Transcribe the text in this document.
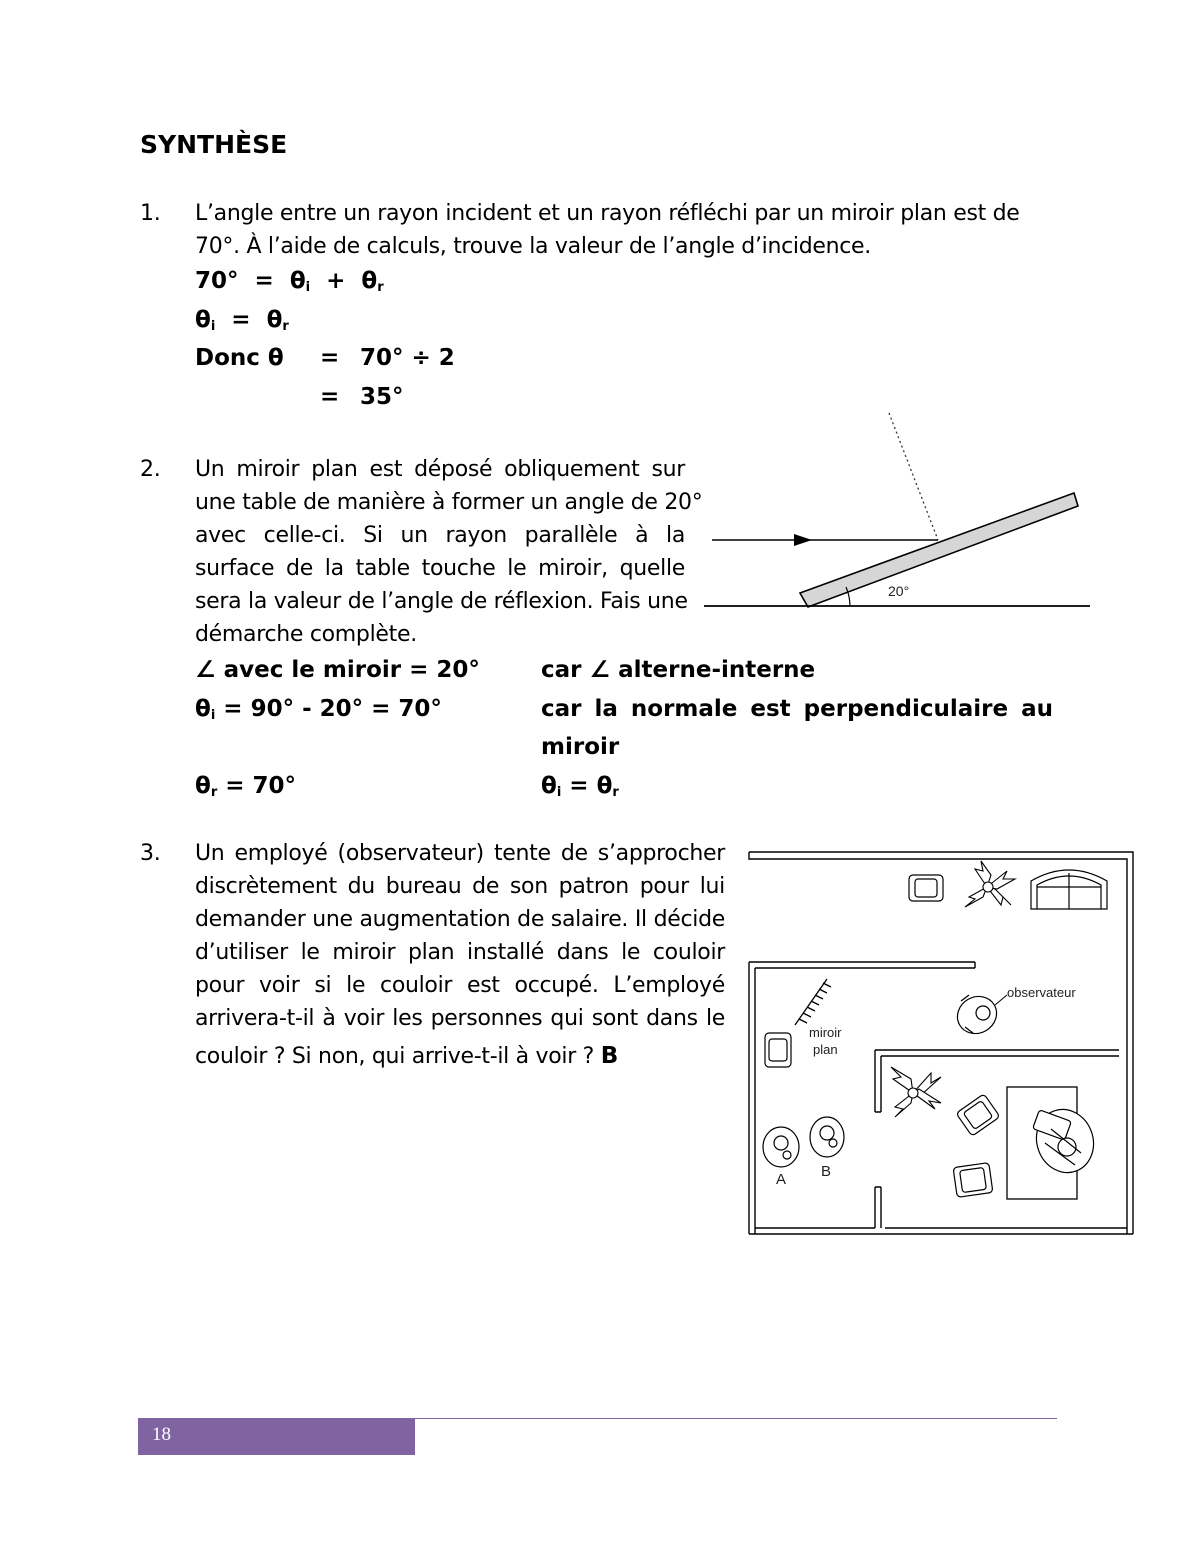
SYNTHÈSE
1. L’angle entre un rayon incident et un rayon réfléchi par un miroir plan est de
70°. À l’aide de calculs, trouve la valeur de l’angle d’incidence.
$70^\circ = \theta_i + \theta_r$
$\theta_i = \theta_r$
Donc θ = 70° ÷ 2
= 35°
2. Un miroir plan est déposé obliquement sur
une table de manière à former un angle de 20°
avec celle-ci. Si un rayon parallèle à la
surface de la table touche le miroir, quelle
sera la valeur de l’angle de réflexion. Fais une
démarche complète.
20°
∠ avec le miroir = 20°	car ∠ alterne-interne
$\theta_i = 90^\circ - 20^\circ = 70^\circ$	car la normale est perpendiculaire au
miroir
$\theta_r = 70^\circ$	$\theta_i = \theta_r$
3. Un employé (observateur) tente de s’approcher
discrètement du bureau de son patron pour lui
demander une augmentation de salaire. Il décide
d’utiliser le miroir plan installé dans le couloir
pour voir si le couloir est occupé. L’employé
arrivera-t-il à voir les personnes qui sont dans le
couloir ? Si non, qui arrive-t-il à voir ? B
miroir
plan
observateur
A B
18
